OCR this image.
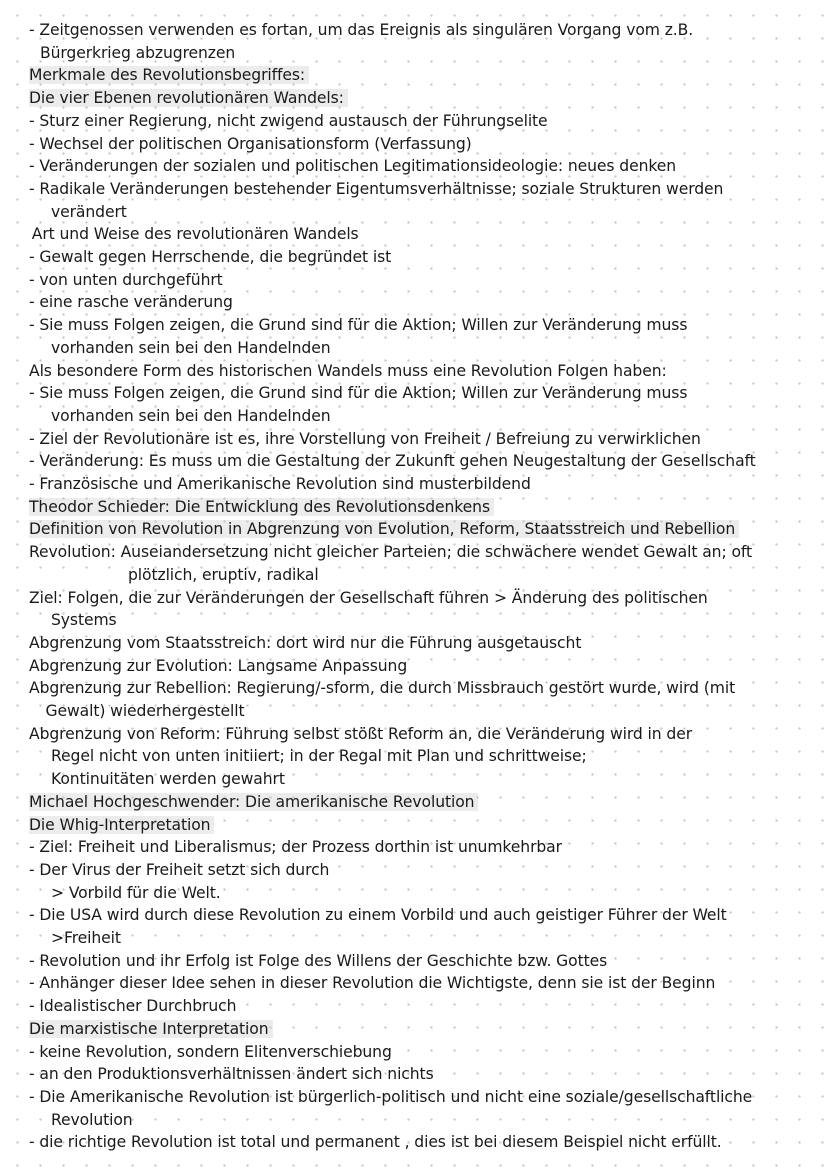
- Zeitgenossen verwenden es fortan, um das Ereignis als singulären Vorgang vom z.B.
Bürgerkrieg abzugrenzen
Merkmale des Revolutionsbegriffes:
Die vier Ebenen revolutionären Wandels:
- Sturz einer Regierung, nicht zwigend austausch der Führungselite
- Wechsel der politischen Organisationsform (Verfassung)
- Veränderungen der sozialen und politischen Legitimationsideologie: neues denken
- Radikale Veränderungen bestehender Eigentumsverhältnisse; soziale Strukturen werden
verändert
Art und Weise des revolutionären Wandels
- Gewalt gegen Herrschende, die begründet ist
- von unten durchgeführt
- eine rasche veränderung
- Sie muss Folgen zeigen, die Grund sind für die Aktion; Willen zur Veränderung muss
vorhanden sein bei den Handelnden
Als besondere Form des historischen Wandels muss eine Revolution Folgen haben:
- Sie muss Folgen zeigen, die Grund sind für die Aktion; Willen zur Veränderung muss
vorhanden sein bei den Handelnden
- Ziel der Revolutionäre ist es, ihre Vorstellung von Freiheit / Befreiung zu verwirklichen
- Veränderung: Es muss um die Gestaltung der Zukunft gehen Neugestaltung der Gesellschaft
- Französische und Amerikanische Revolution sind musterbildend
Theodor Schieder: Die Entwicklung des Revolutionsdenkens
Definition von Revolution in Abgrenzung von Evolution, Reform, Staatsstreich und Rebellion
Revolution: Auseiandersetzung nicht gleicher Parteien; die schwächere wendet Gewalt an; oft
plötzlich, eruptiv, radikal
Ziel: Folgen, die zur Veränderungen der Gesellschaft führen > Änderung des politischen
Systems
Abgrenzung vom Staatsstreich: dort wird nur die Führung ausgetauscht
Abgrenzung zur Evolution: Langsame Anpassung
Abgrenzung zur Rebellion: Regierung/-sform, die durch Missbrauch gestört wurde, wird (mit
Gewalt) wiederhergestellt
Abgrenzung von Reform: Führung selbst stößt Reform an, die Veränderung wird in der
Regel nicht von unten initiiert; in der Regal mit Plan und schrittweise;
Kontinuitäten werden gewahrt
Michael Hochgeschwender: Die amerikanische Revolution
Die Whig-Interpretation
- Ziel: Freiheit und Liberalismus; der Prozess dorthin ist unumkehrbar
- Der Virus der Freiheit setzt sich durch
> Vorbild für die Welt.
- Die USA wird durch diese Revolution zu einem Vorbild und auch geistiger Führer der Welt
>Freiheit
- Revolution und ihr Erfolg ist Folge des Willens der Geschichte bzw. Gottes
- Anhänger dieser Idee sehen in dieser Revolution die Wichtigste, denn sie ist der Beginn
- Idealistischer Durchbruch
Die marxistische Interpretation
- keine Revolution, sondern Elitenverschiebung
- an den Produktionsverhältnissen ändert sich nichts
- Die Amerikanische Revolution ist bürgerlich-politisch und nicht eine soziale/gesellschaftliche
Revolution
- die richtige Revolution ist total und permanent , dies ist bei diesem Beispiel nicht erfüllt.
